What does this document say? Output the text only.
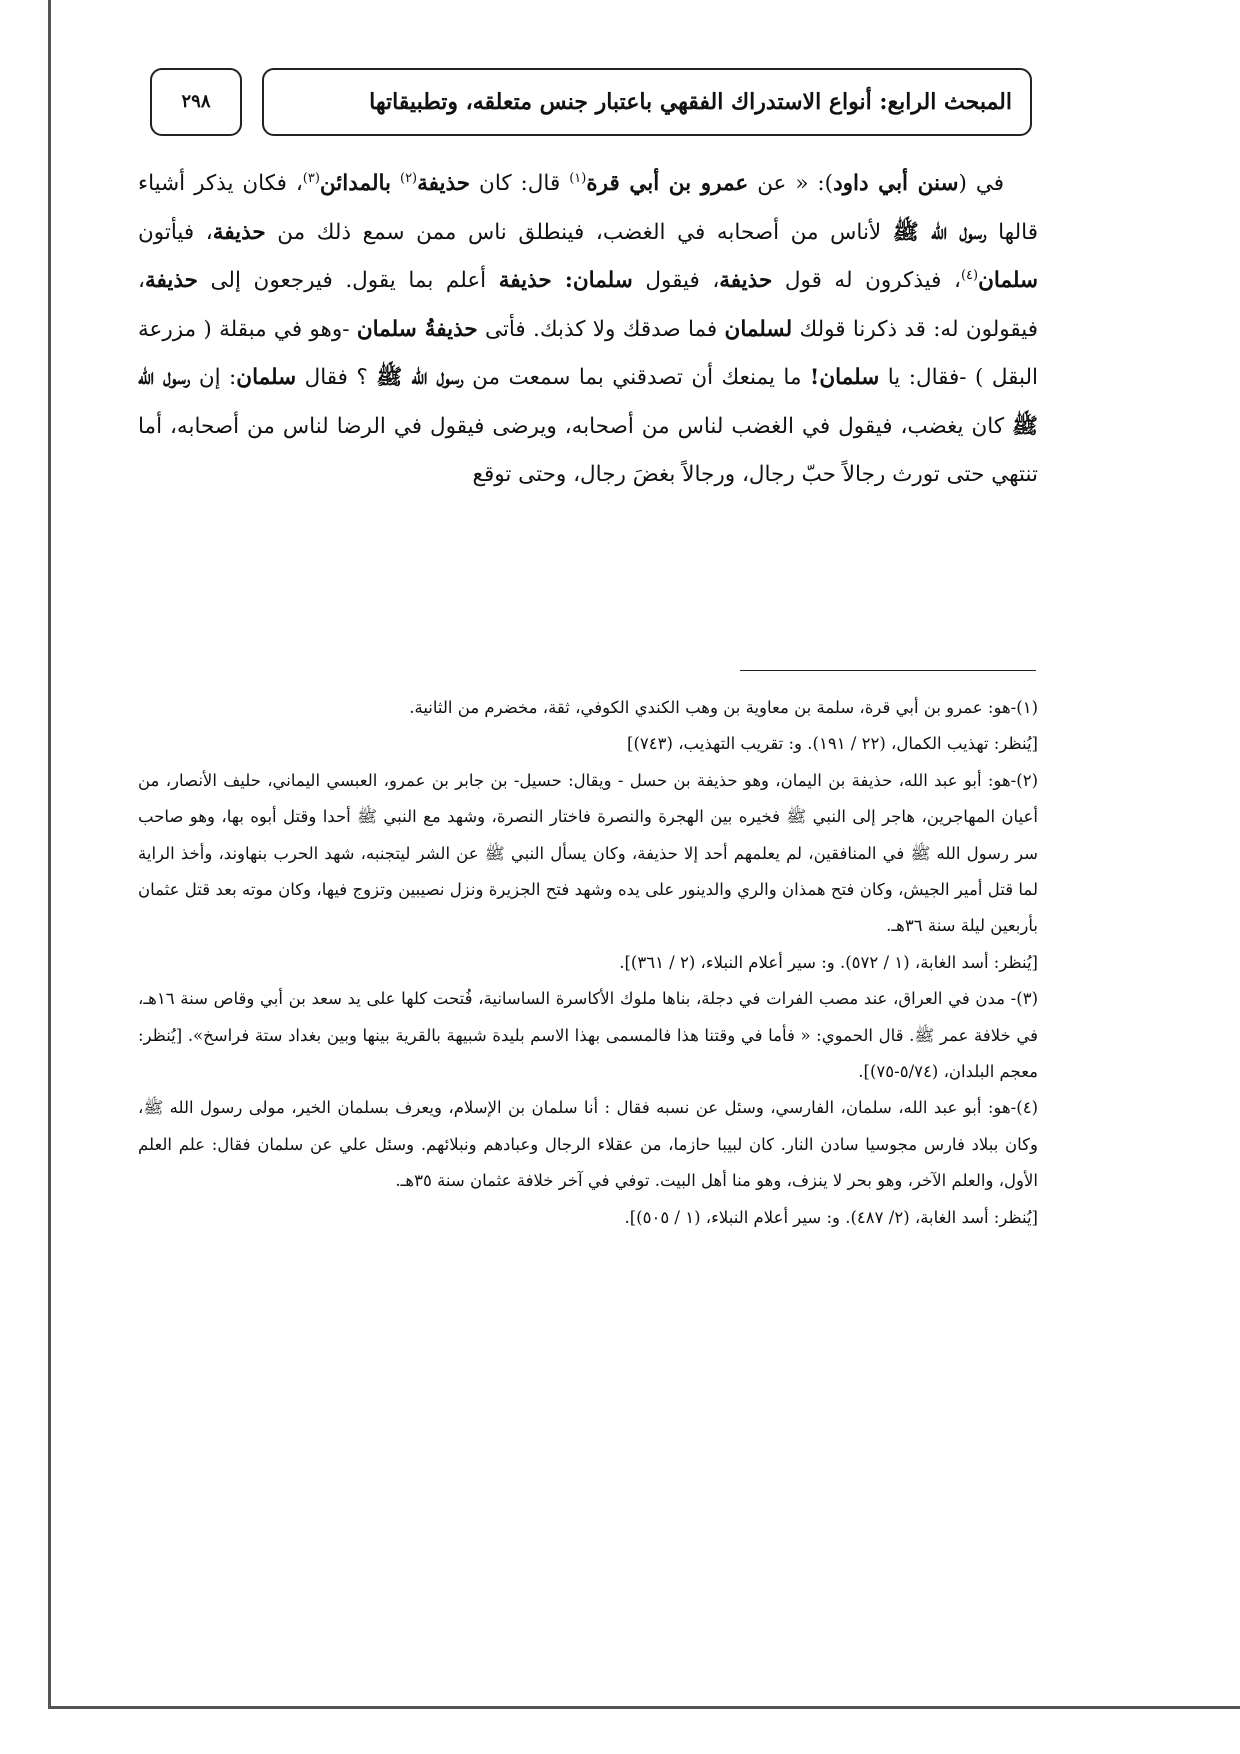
المبحث الرابع: أنواع الاستدراك الفقهي باعتبار جنس متعلقه، وتطبيقاتها
٢٩٨

في (سنن أبي داود): « عن عمرو بن أبي قرة$^{(١)}$ قال: كان حذيفة$^{(٢)}$ بالمدائن$^{(٣)}$، فكان يذكر أشياء قالها رسول الله ﷺ لأناس من أصحابه في الغضب، فينطلق ناس ممن سمع ذلك من حذيفة، فيأتون سلمان$^{(٤)}$، فيذكرون له قول حذيفة، فيقول سلمان: حذيفة أعلم بما يقول. فيرجعون إلى حذيفة، فيقولون له: قد ذكرنا قولك لسلمان فما صدقك ولا كذبك. فأتى حذيفةُ سلمان -وهو في مبقلة ( مزرعة البقل ) -فقال: يا سلمان! ما يمنعك أن تصدقني بما سمعت من رسول الله ﷺ ؟ فقال سلمان: إن رسول الله ﷺ كان يغضب، فيقول في الغضب لناس من أصحابه، ويرضى فيقول في الرضا لناس من أصحابه، أما تنتهي حتى تورث رجالاً حبّ رجال، ورجالاً بغضَ رجال، وحتى توقع

(١)-هو: عمرو بن أبي قرة، سلمة بن معاوية بن وهب الكندي الكوفي، ثقة، مخضرم من الثانية.

[يُنظر: تهذيب الكمال، (٢٢ / ١٩١). و: تقريب التهذيب، (٧٤٣)]

(٢)-هو: أبو عبد الله، حذيفة بن اليمان، وهو حذيفة بن حسل - ويقال: حسيل- بن جابر بن عمرو، العبسي اليماني، حليف الأنصار، من أعيان المهاجرين، هاجر إلى النبي ﷺ فخيره بين الهجرة والنصرة فاختار النصرة، وشهد مع النبي ﷺ أحدا وقتل أبوه بها، وهو صاحب سر رسول الله ﷺ في المنافقين، لم يعلمهم أحد إلا حذيفة، وكان يسأل النبي ﷺ عن الشر ليتجنبه، شهد الحرب بنهاوند، وأخذ الراية لما قتل أمير الجيش، وكان فتح همذان والري والدينور على يده وشهد فتح الجزيرة ونزل نصيبين وتزوج فيها، وكان موته بعد قتل عثمان بأربعين ليلة سنة ٣٦هـ.

[يُنظر: أسد الغابة، (١ / ٥٧٢). و: سير أعلام النبلاء، (٢ / ٣٦١)].

(٣)- مدن في العراق، عند مصب الفرات في دجلة، بناها ملوك الأكاسرة الساسانية، فُتحت كلها على يد سعد بن أبي وقاص سنة ١٦هـ، في خلافة عمر ﷺ. قال الحموي: « فأما في وقتنا هذا فالمسمى بهذا الاسم بليدة شبيهة بالقرية بينها وبين بغداد ستة فراسخ». [يُنظر: معجم البلدان، (٥/٧٤-٧٥)].

(٤)-هو: أبو عبد الله، سلمان، الفارسي، وسئل عن نسبه فقال : أنا سلمان بن الإسلام، ويعرف بسلمان الخير، مولى رسول الله ﷺ، وكان ببلاد فارس مجوسيا سادن النار. كان لبيبا حازما، من عقلاء الرجال وعبادهم ونبلائهم. وسئل علي عن سلمان فقال: علم العلم الأول، والعلم الآخر، وهو بحر لا ينزف، وهو منا أهل البيت. توفي في آخر خلافة عثمان سنة ٣٥هـ.

[يُنظر: أسد الغابة، (٢/ ٤٨٧). و: سير أعلام النبلاء، (١ / ٥٠٥)].
